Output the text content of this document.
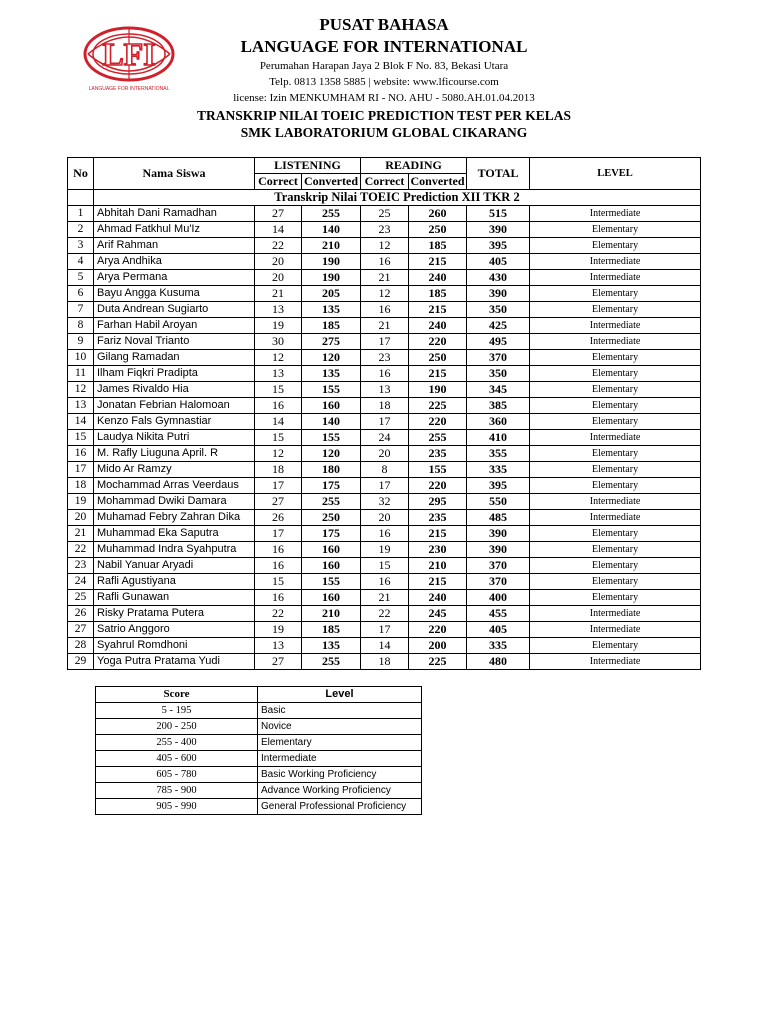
LFI
LANGUAGE FOR INTERNATIONAL
PUSAT BAHASA
LANGUAGE FOR INTERNATIONAL
Perumahan Harapan Jaya 2 Blok F No. 83, Bekasi Utara
Telp. 0813 1358 5885 | website: www.lficourse.com
license: Izin MENKUMHAM RI - NO. AHU - 5080.AH.01.04.2013
TRANSKRIP NILAI TOEIC PREDICTION TEST PER KELAS
SMK LABORATORIUM GLOBAL CIKARANG
No	Nama Siswa	LISTENING		READING		TOTAL	LEVEL
		Correct	Converted	Correct	Converted		
	Transkrip Nilai TOEIC Prediction XII TKR 2						
1	Abhitah Dani Ramadhan	27	255	25	260	515	Intermediate
2	Ahmad Fatkhul Mu'Iz	14	140	23	250	390	Elementary
3	Arif Rahman	22	210	12	185	395	Elementary
4	Arya Andhika	20	190	16	215	405	Intermediate
5	Arya Permana	20	190	21	240	430	Intermediate
6	Bayu Angga Kusuma	21	205	12	185	390	Elementary
7	Duta Andrean Sugiarto	13	135	16	215	350	Elementary
8	Farhan Habil Aroyan	19	185	21	240	425	Intermediate
9	Fariz Noval Trianto	30	275	17	220	495	Intermediate
10	Gilang Ramadan	12	120	23	250	370	Elementary
11	Ilham Fiqkri Pradipta	13	135	16	215	350	Elementary
12	James Rivaldo Hia	15	155	13	190	345	Elementary
13	Jonatan Febrian Halomoan	16	160	18	225	385	Elementary
14	Kenzo Fals Gymnastiar	14	140	17	220	360	Elementary
15	Laudya Nikita Putri	15	155	24	255	410	Intermediate
16	M. Rafly Liuguna April. R	12	120	20	235	355	Elementary
17	Mido Ar Ramzy	18	180	8	155	335	Elementary
18	Mochammad Arras Veerdaus	17	175	17	220	395	Elementary
19	Mohammad Dwiki Damara	27	255	32	295	550	Intermediate
20	Muhamad Febry Zahran Dika	26	250	20	235	485	Intermediate
21	Muhammad Eka Saputra	17	175	16	215	390	Elementary
22	Muhammad Indra Syahputra	16	160	19	230	390	Elementary
23	Nabil Yanuar Aryadi	16	160	15	210	370	Elementary
24	Rafli Agustiyana	15	155	16	215	370	Elementary
25	Rafli Gunawan	16	160	21	240	400	Elementary
26	Risky Pratama Putera	22	210	22	245	455	Intermediate
27	Satrio Anggoro	19	185	17	220	405	Intermediate
28	Syahrul Romdhoni	13	135	14	200	335	Elementary
29	Yoga Putra Pratama Yudi	27	255	18	225	480	Intermediate
Score	Level
5 - 195	Basic
200 - 250	Novice
255 - 400	Elementary
405 - 600	Intermediate
605 - 780	Basic Working Proficiency
785 - 900	Advance Working Proficiency
905 - 990	General Professional Proficiency
